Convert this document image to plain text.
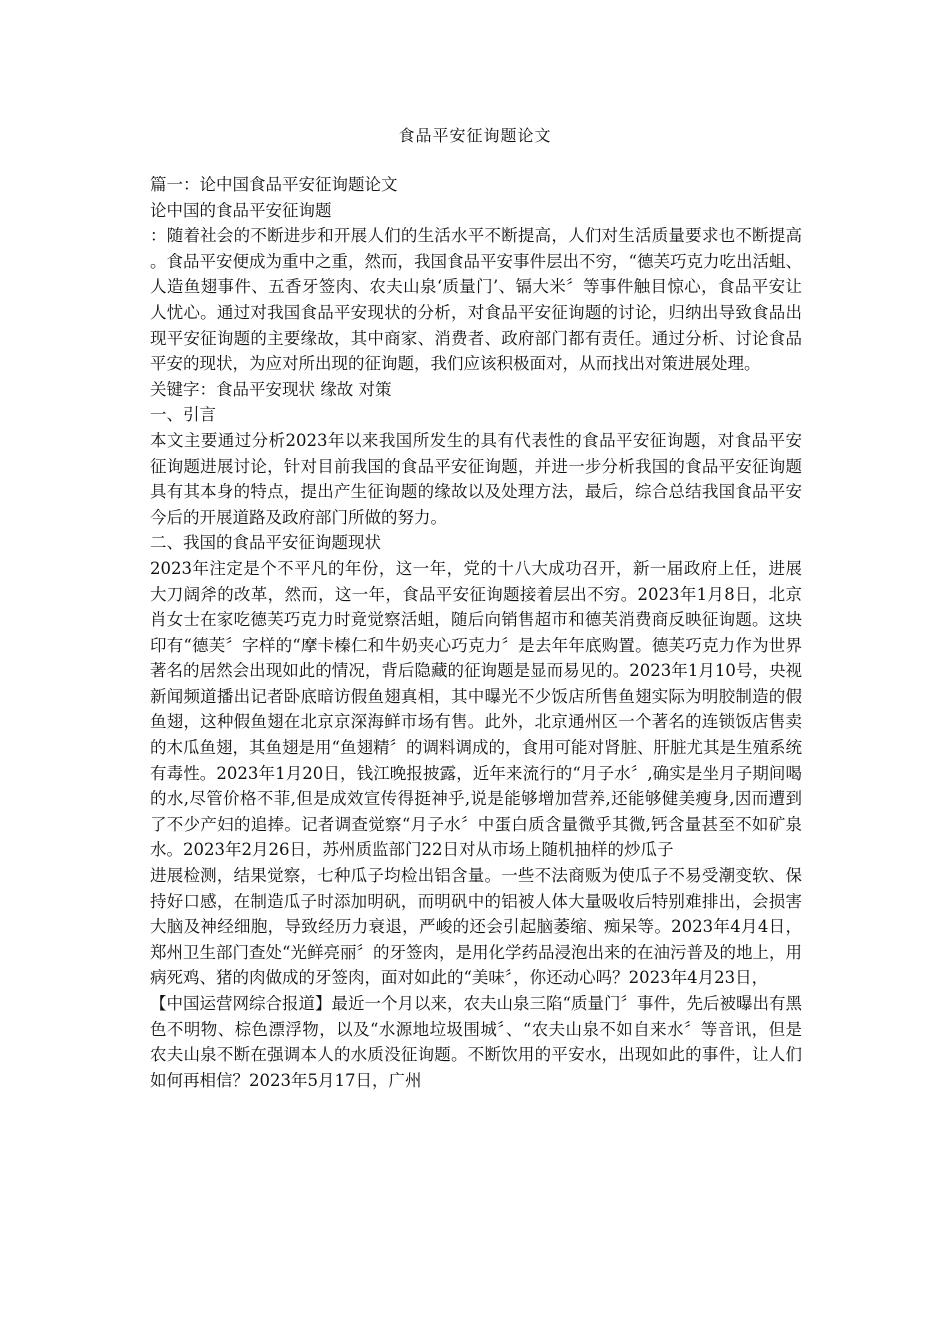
食品平安征询题论文

篇一：论中国食品平安征询题论文

论中国的食品平安征询题

：随着社会的不断进步和开展人们的生活水平不断提高，人们对生活质量要求也不断提高。食品平安便成为重中之重，然而，我国食品平安事件层出不穷，“德芙巧克力吃出活蛆、人造鱼翅事件、五香牙签肉、农夫山泉‘质量门’、镉大米〞等事件触目惊心，食品平安让人忧心。通过对我国食品平安现状的分析，对食品平安征询题的讨论，归纳出导致食品出现平安征询题的主要缘故，其中商家、消费者、政府部门都有责任。通过分析、讨论食品平安的现状，为应对所出现的征询题，我们应该积极面对，从而找出对策进展处理。

关键字：食品平安现状 缘故 对策

一、引言

本文主要通过分析2023年以来我国所发生的具有代表性的食品平安征询题，对食品平安征询题进展讨论，针对目前我国的食品平安征询题，并进一步分析我国的食品平安征询题具有其本身的特点，提出产生征询题的缘故以及处理方法，最后，综合总结我国食品平安今后的开展道路及政府部门所做的努力。

二、我国的食品平安征询题现状

2023年注定是个不平凡的年份，这一年，党的十八大成功召开，新一届政府上任，进展大刀阔斧的改革，然而，这一年，食品平安征询题接着层出不穷。2023年1月8日，北京肖女士在家吃德芙巧克力时竟觉察活蛆，随后向销售超市和德芙消费商反映征询题。这块印有“德芙〞字样的“摩卡榛仁和牛奶夹心巧克力〞是去年年底购置。德芙巧克力作为世界著名的居然会出现如此的情况，背后隐藏的征询题是显而易见的。2023年1月10号，央视新闻频道播出记者卧底暗访假鱼翅真相，其中曝光不少饭店所售鱼翅实际为明胶制造的假鱼翅，这种假鱼翅在北京京深海鲜市场有售。此外，北京通州区一个著名的连锁饭店售卖的木瓜鱼翅，其鱼翅是用“鱼翅精〞的调料调成的，食用可能对肾脏、肝脏尤其是生殖系统有毒性。2023年1月20日，钱江晚报披露，近年来流行的“月子水〞,确实是坐月子期间喝的水,尽管价格不菲,但是成效宣传得挺神乎,说是能够增加营养,还能够健美瘦身,因而遭到了不少产妇的追捧。记者调查觉察“月子水〞中蛋白质含量微乎其微,钙含量甚至不如矿泉水。2023年2月26日，苏州质监部门22日对从市场上随机抽样的炒瓜子

进展检测，结果觉察，七种瓜子均检出铝含量。一些不法商贩为使瓜子不易受潮变软、保持好口感，在制造瓜子时添加明矾，而明矾中的铝被人体大量吸收后特别难排出，会损害大脑及神经细胞，导致经历力衰退，严峻的还会引起脑萎缩、痴呆等。2023年4月4日，郑州卫生部门查处“光鲜亮丽〞的牙签肉，是用化学药品浸泡出来的在油污普及的地上，用病死鸡、猪的肉做成的牙签肉，面对如此的“美味〞，你还动心吗？2023年4月23日，

【中国运营网综合报道】最近一个月以来，农夫山泉三陷“质量门〞事件，先后被曝出有黑色不明物、棕色漂浮物，以及“水源地垃圾围城〞、“农夫山泉不如自来水〞等音讯，但是农夫山泉不断在强调本人的水质没征询题。不断饮用的平安水，出现如此的事件，让人们如何再相信？2023年5月17日，广州
